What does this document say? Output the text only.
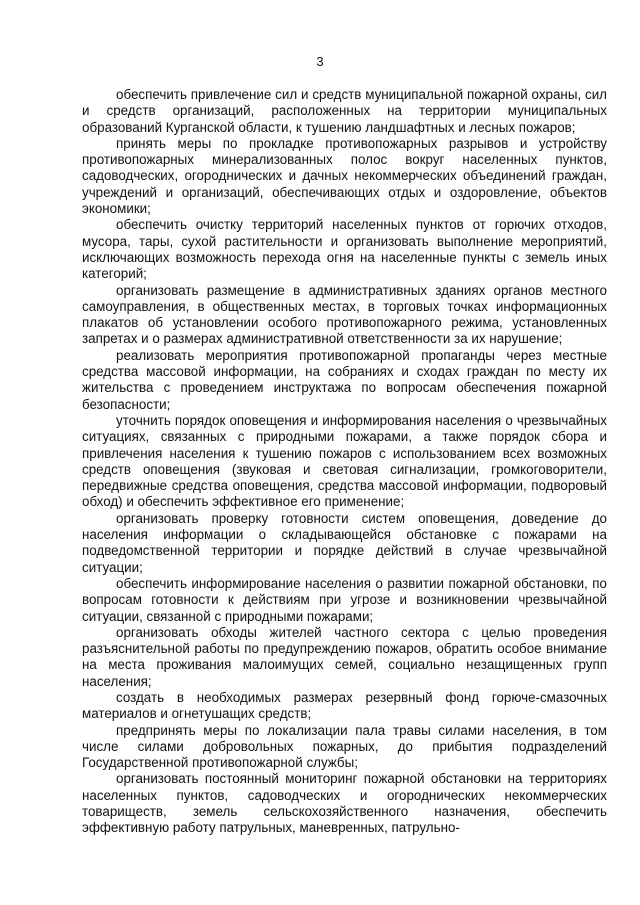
3

обеспечить привлечение сил и средств муниципальной пожарной охраны, сил и средств организаций, расположенных на территории муниципальных образований Курганской области, к тушению ландшафтных и лесных пожаров;

принять меры по прокладке противопожарных разрывов и устройству противопожарных минерализованных полос вокруг населенных пунктов, садоводческих, огороднических и дачных некоммерческих объединений граждан, учреждений и организаций, обеспечивающих отдых и оздоровление, объектов экономики;

обеспечить очистку территорий населенных пунктов от горючих отходов, мусора, тары, сухой растительности и организовать выполнение мероприятий, исключающих возможность перехода огня на населенные пункты с земель иных категорий;

организовать размещение в административных зданиях органов местного самоуправления, в общественных местах, в торговых точках информационных плакатов об установлении особого противопожарного режима, установленных запретах и о размерах административной ответственности за их нарушение;

реализовать мероприятия противопожарной пропаганды через местные средства массовой информации, на собраниях и сходах граждан по месту их жительства с проведением инструктажа по вопросам обеспечения пожарной безопасности;

уточнить порядок оповещения и информирования населения о чрезвычайных ситуациях, связанных с природными пожарами, а также порядок сбора и привлечения населения к тушению пожаров с использованием всех возможных средств оповещения (звуковая и световая сигнализации, громкоговорители, передвижные средства оповещения, средства массовой информации, подворовый обход) и обеспечить эффективное его применение;

организовать проверку готовности систем оповещения, доведение до населения информации о складывающейся обстановке с пожарами на подведомственной территории и порядке действий в случае чрезвычайной ситуации;

обеспечить информирование населения о развитии пожарной обстановки, по вопросам готовности к действиям при угрозе и возникновении чрезвычайной ситуации, связанной с природными пожарами;

организовать обходы жителей частного сектора с целью проведения разъяснительной работы по предупреждению пожаров, обратить особое внимание на места проживания малоимущих семей, социально незащищенных групп населения;

создать в необходимых размерах резервный фонд горюче-смазочных материалов и огнетушащих средств;

предпринять меры по локализации пала травы силами населения, в том числе силами добровольных пожарных, до прибытия подразделений Государственной противопожарной службы;

организовать постоянный мониторинг пожарной обстановки на территориях населенных пунктов, садоводческих и огороднических некоммерческих товариществ, земель сельскохозяйственного назначения, обеспечить эффективную работу патрульных, маневренных, патрульно-
